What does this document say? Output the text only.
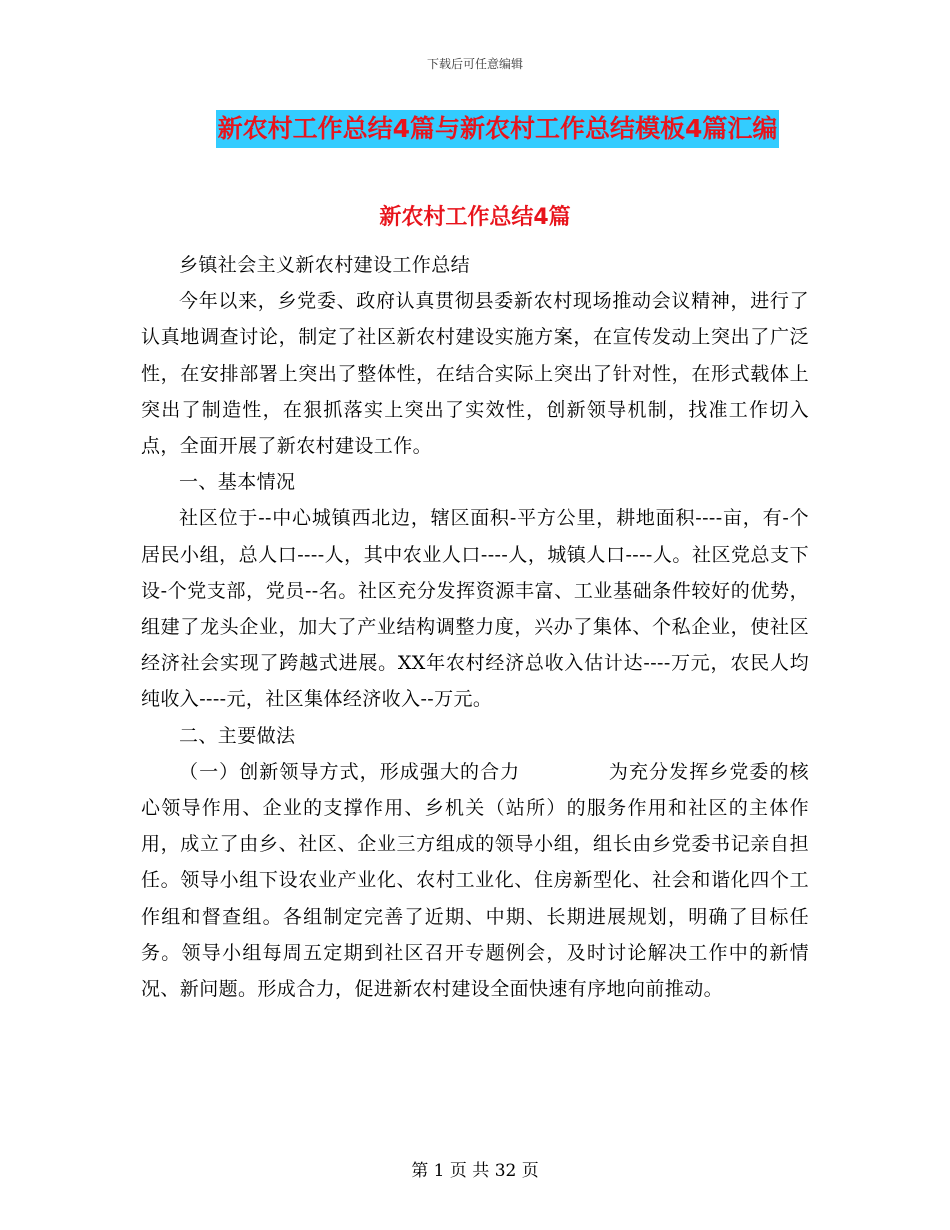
下载后可任意编辑
新农村工作总结4篇与新农村工作总结模板4篇汇编
新农村工作总结4篇

乡镇社会主义新农村建设工作总结

今年以来，乡党委、政府认真贯彻县委新农村现场推动会议精神，进行了认真地调查讨论，制定了社区新农村建设实施方案，在宣传发动上突出了广泛性，在安排部署上突出了整体性，在结合实际上突出了针对性，在形式载体上突出了制造性，在狠抓落实上突出了实效性，创新领导机制，找准工作切入点，全面开展了新农村建设工作。

一、基本情况

社区位于--中心城镇西北边，辖区面积-平方公里，耕地面积----亩，有-个居民小组，总人口----人，其中农业人口----人，城镇人口----人。社区党总支下设-个党支部，党员--名。社区充分发挥资源丰富、工业基础条件较好的优势，组建了龙头企业，加大了产业结构调整力度，兴办了集体、个私企业，使社区经济社会实现了跨越式进展。XX年农村经济总收入估计达----万元，农民人均纯收入----元，社区集体经济收入--万元。

二、主要做法

（一）创新领导方式，形成强大的合力	为充分发挥乡党委的核心领导作用、企业的支撑作用、乡机关（站所）的服务作用和社区的主体作用，成立了由乡、社区、企业三方组成的领导小组，组长由乡党委书记亲自担任。领导小组下设农业产业化、农村工业化、住房新型化、社会和谐化四个工作组和督查组。各组制定完善了近期、中期、长期进展规划，明确了目标任务。领导小组每周五定期到社区召开专题例会，及时讨论解决工作中的新情况、新问题。形成合力，促进新农村建设全面快速有序地向前推动。

第 1 页 共 32 页
